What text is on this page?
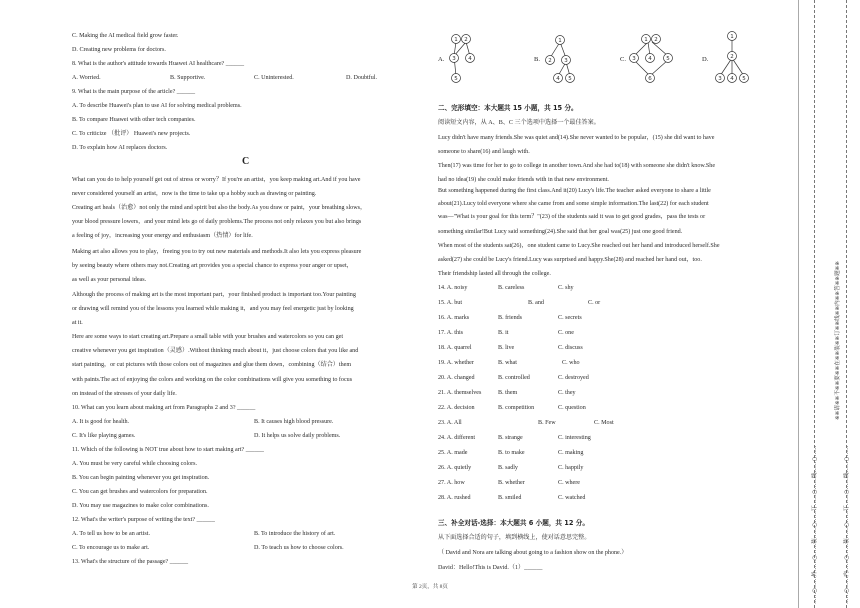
C. Making the AI medical field grow faster.
D. Creating new problems for doctors.
8. What is the author's attitude towards Huawei AI healthcare? ______
A. Worried.	B. Supportive.	C. Uninterested.	D. Doubtful.
9. What is the main purpose of the article? ______
A. To describe Huawei's plan to use AI for solving medical problems.
B. To compare Huawei with other tech companies.
C. To criticize （批评） Huawei's new projects.
D. To explain how AI replaces doctors.
C
What can you do to help yourself get out of stress or worry？If you're an artist，you keep making art.And if you have
never considered yourself an artist，now is the time to take up a hobby such as drawing or painting.
Creating art heals（治愈）not only the mind and spirit but also the body.As you draw or paint，your breathing slows，
your blood pressure lowers，and your mind lets go of daily problems.The process not only relaxes you but also brings
a feeling of joy，increasing your energy and enthusiasm（热情）for life.
Making art also allows you to play，freeing you to try out new materials and methods.It also lets you express pleasure
by seeing beauty where others may not.Creating art provides you a special chance to express your anger or upset，
as well as your personal ideas.
Although the process of making art is the most important part，your finished product is important too.Your painting
or drawing will remind you of the lessons you learned while making it，and you may feel energetic just by looking
at it.
Here are some ways to start creating art.Prepare a small table with your brushes and watercolors so you can get
creative whenever you get inspiration（灵感）.Without thinking much about it，just choose colors that you like and
start painting，or cut pictures with those colors out of magazines and glue them down，combining（结合）them
with paints.The act of enjoying the colors and working on the color combinations will give you something to focus
on instead of the stresses of your daily life.
10. What can you learn about making art from Paragraphs 2 and 3? ______
A. It is good for health.	B. It causes high blood pressure.
C. It's like playing games.	D. It helps us solve daily problems.
11. Which of the following is NOT true about how to start making art? ______
A. You must be very careful while choosing colors.
B. You can begin painting whenever you get inspiration.
C. You can get brushes and watercolors for preparation.
D. You may use magazines to make color combinations.
12. What's the writer's purpose of writing the text? ______
A. To tell us how to be an artist.	B. To introduce the history of art.
C. To encourage us to make art.	D. To teach us how to choose colors.
13. What's the structure of the passage? ______
A.
1 2
3 4
5
B.
1
2 3
4 5
C.
1 2
3 4	5
6
D.
1
2
3 4 5
二、完形填空：本大题共 15 小题，共 15 分。
阅读短文内容，从 A、B、C 三个选项中选择一个最佳答案。
Lucy didn't have many friends.She was quiet and(14).She never wanted to be popular，(15) she did want to have
someone to share(16) and laugh with.
Then(17) was time for her to go to college in another town.And she had to(18) with someone she didn't know.She
had no idea(19) she could make friends with in that new environment.
But something happened during the first class.And it(20) Lucy's life.The teacher asked everyone to share a little
about(21).Lucy told everyone where she came from and some simple information.The last(22) for each student
was—"What is your goal for this term？"(23) of the students said it was to get good grades，pass the tests or
something similar!But Lucy said something(24).She said that her goal was(25) just one good friend.
When most of the students sat(26)，one student came to Lucy.She reached out her hand and introduced herself.She
asked(27) she could be Lucy's friend.Lucy was surprised and happy.She(28) and reached her hand out，too.
Their friendship lasted all through the college.
14. A. noisy	B. careless	C. shy
15. A. but	B. and	C. or
16. A. marks	B. friends	C. secrets
17. A. this	B. it	C. one
18. A. quarrel	B. live	C. discuss
19. A. whether	B. what	C. who
20. A. changed	B. controlled	C. destroyed
21. A. themselves	B. them	C. they
22. A. decision	B. competition	C. question
23. A. All	B. Few	C. Most
24. A. different	B. strange	C. interesting
25. A. made	B. to make	C. making
26. A. quietly	B. sadly	C. happily
27. A. how	B. whether	C. where
28. A. rushed	B. smiled	C. watched
三、补全对话-选择：本大题共 6 小题，共 12 分。
从下面选择合适的句子，填到横线上，使对话意思完整。
（ David and Nora are talking about going to a fashion show on the phone.）
David：Hello!This is David.（1）______
第 2页，共 8页	……○……外……○……装……○……订……○……线……○……
※※请※※不※※要※※在※※装※※订※※线※※内※※答※※题※※
……○……内……○……装……○……订……○……线……○……
